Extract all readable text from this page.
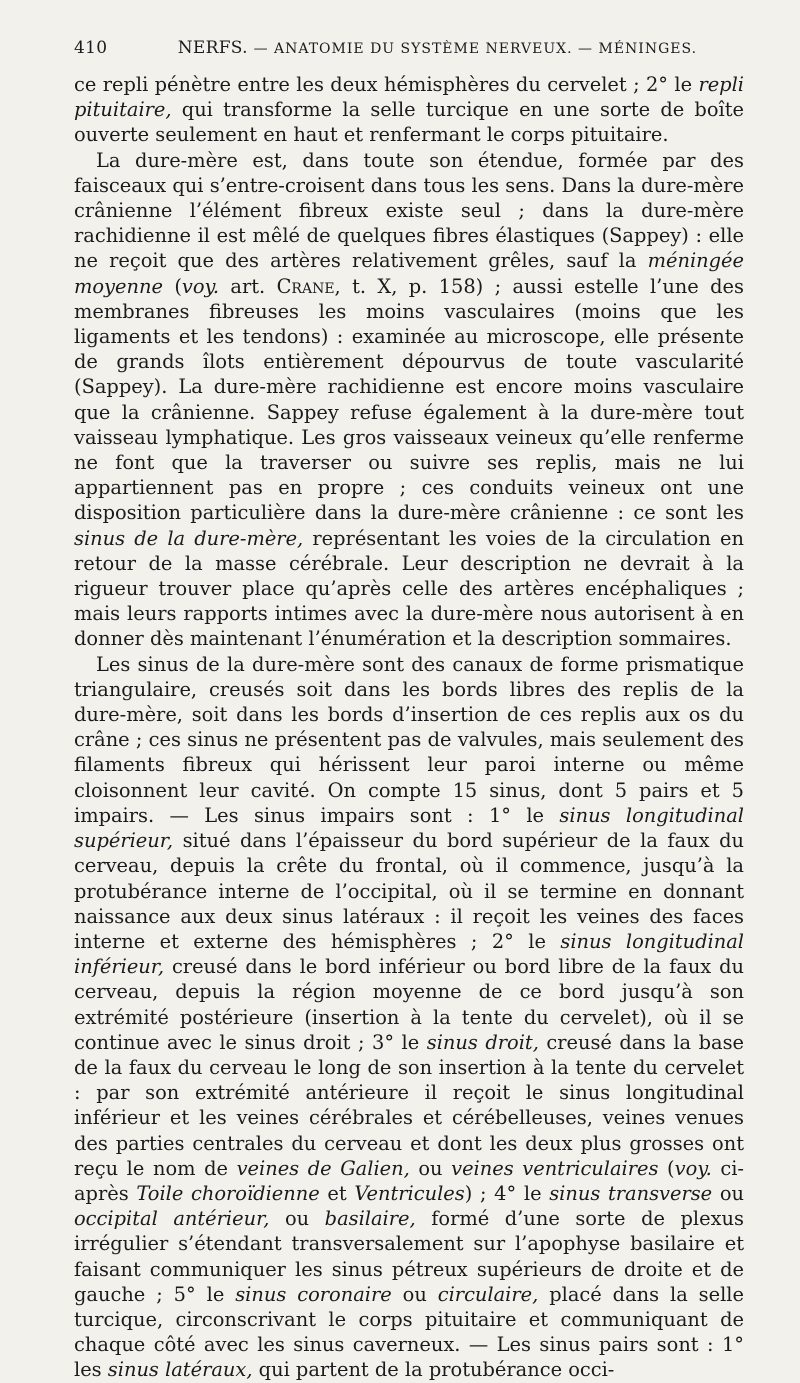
410	NERFS. — ANATOMIE DU SYSTÈME NERVEUX. — MÉNINGES.

ce repli pénètre entre les deux hémisphères du cervelet ; 2° le repli pituitaire, qui transforme la selle turcique en une sorte de boîte ouverte seulement en haut et renfermant le corps pituitaire.

La dure-mère est, dans toute son étendue, formée par des faisceaux qui s’entre-croisent dans tous les sens. Dans la dure-mère crânienne l’élément fibreux existe seul ; dans la dure-mère rachidienne il est mêlé de quelques fibres élastiques (Sappey) : elle ne reçoit que des artères relativement grêles, sauf la méningée moyenne (voy. art. Crane, t. X, p. 158) ; aussi estelle l’une des membranes fibreuses les moins vasculaires (moins que les ligaments et les tendons) : examinée au microscope, elle présente de grands îlots entièrement dépourvus de toute vascularité (Sappey). La dure-mère rachidienne est encore moins vasculaire que la crânienne. Sappey refuse également à la dure-mère tout vaisseau lymphatique. Les gros vaisseaux veineux qu’elle renferme ne font que la traverser ou suivre ses replis, mais ne lui appartiennent pas en propre ; ces conduits veineux ont une disposition particulière dans la dure-mère crânienne : ce sont les sinus de la dure-mère, représentant les voies de la circulation en retour de la masse cérébrale. Leur description ne devrait à la rigueur trouver place qu’après celle des artères encéphaliques ; mais leurs rapports intimes avec la dure-mère nous autorisent à en donner dès maintenant l’énumération et la description sommaires.

Les sinus de la dure-mère sont des canaux de forme prismatique triangulaire, creusés soit dans les bords libres des replis de la dure-mère, soit dans les bords d’insertion de ces replis aux os du crâne ; ces sinus ne présentent pas de valvules, mais seulement des filaments fibreux qui hérissent leur paroi interne ou même cloisonnent leur cavité. On compte 15 sinus, dont 5 pairs et 5 impairs. — Les sinus impairs sont : 1° le sinus longitudinal supérieur, situé dans l’épaisseur du bord supérieur de la faux du cerveau, depuis la crête du frontal, où il commence, jusqu’à la protubérance interne de l’occipital, où il se termine en donnant naissance aux deux sinus latéraux : il reçoit les veines des faces interne et externe des hémisphères ; 2° le sinus longitudinal inférieur, creusé dans le bord inférieur ou bord libre de la faux du cerveau, depuis la région moyenne de ce bord jusqu’à son extrémité postérieure (insertion à la tente du cervelet), où il se continue avec le sinus droit ; 3° le sinus droit, creusé dans la base de la faux du cerveau le long de son insertion à la tente du cervelet : par son extrémité antérieure il reçoit le sinus longitudinal inférieur et les veines cérébrales et cérébelleuses, veines venues des parties centrales du cerveau et dont les deux plus grosses ont reçu le nom de veines de Galien, ou veines ventriculaires (voy. ci-après Toile choroïdienne et Ventricules) ; 4° le sinus transverse ou occipital antérieur, ou basilaire, formé d’une sorte de plexus irrégulier s’étendant transversalement sur l’apophyse basilaire et faisant communiquer les sinus pétreux supérieurs de droite et de gauche ; 5° le sinus coronaire ou circulaire, placé dans la selle turcique, circonscrivant le corps pituitaire et communiquant de chaque côté avec les sinus caverneux. — Les sinus pairs sont : 1° les sinus latéraux, qui partent de la protubérance occi-
